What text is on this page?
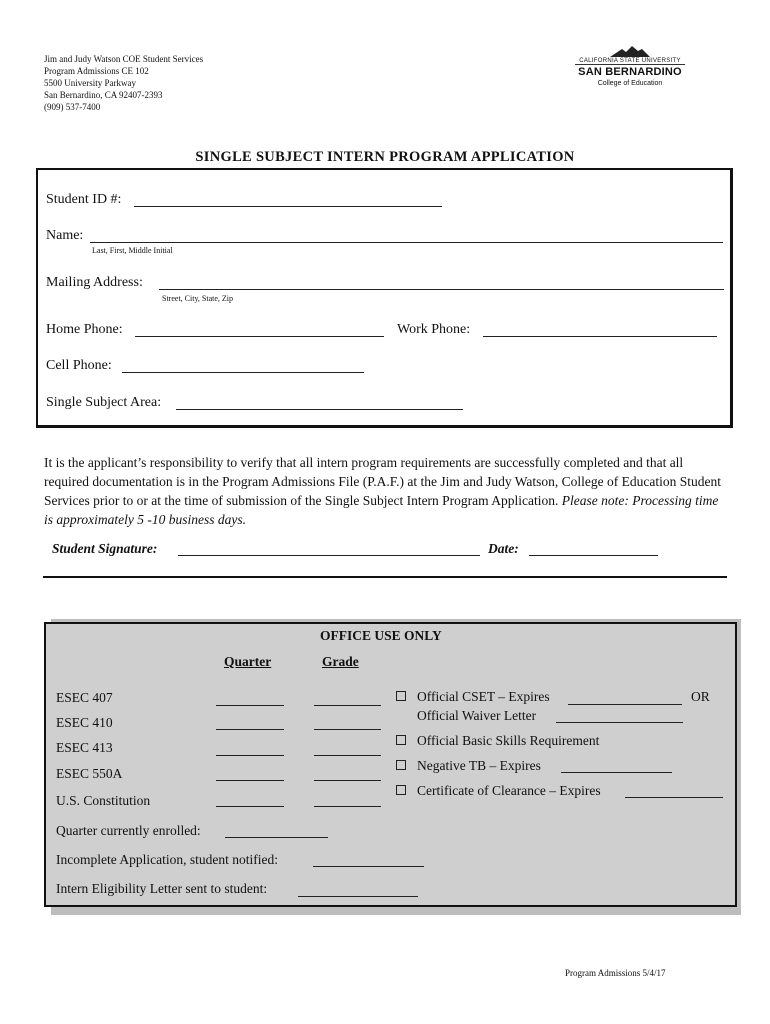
Jim and Judy Watson COE Student Services
Program Admissions CE 102
5500 University Parkway
San Bernardino, CA 92407-2393
(909) 537-7400
CALIFORNIA STATE UNIVERSITY
SAN BERNARDINO
College of Education
SINGLE SUBJECT INTERN PROGRAM APPLICATION
Student ID #:
Name:
Last, First, Middle Initial
Mailing Address:
Street, City, State, Zip
Home Phone:	Work Phone:
Cell Phone:
Single Subject Area:
It is the applicant’s responsibility to verify that all intern program requirements are successfully completed and that all required documentation is in the Program Admissions File (P.A.F.) at the Jim and Judy Watson, College of Education Student Services prior to or at the time of submission of the Single Subject Intern Program Application. Please note: Processing time is approximately 5 -10 business days.
Student Signature:	Date:
OFFICE USE ONLY
Quarter	Grade
ESEC 407
ESEC 410
ESEC 413
ESEC 550A
U.S. Constitution
Official CSET – Expires	OR
Official Waiver Letter
Official Basic Skills Requirement
Negative TB – Expires
Certificate of Clearance – Expires
Quarter currently enrolled:
Incomplete Application, student notified:
Intern Eligibility Letter sent to student:
Program Admissions 5/4/17
